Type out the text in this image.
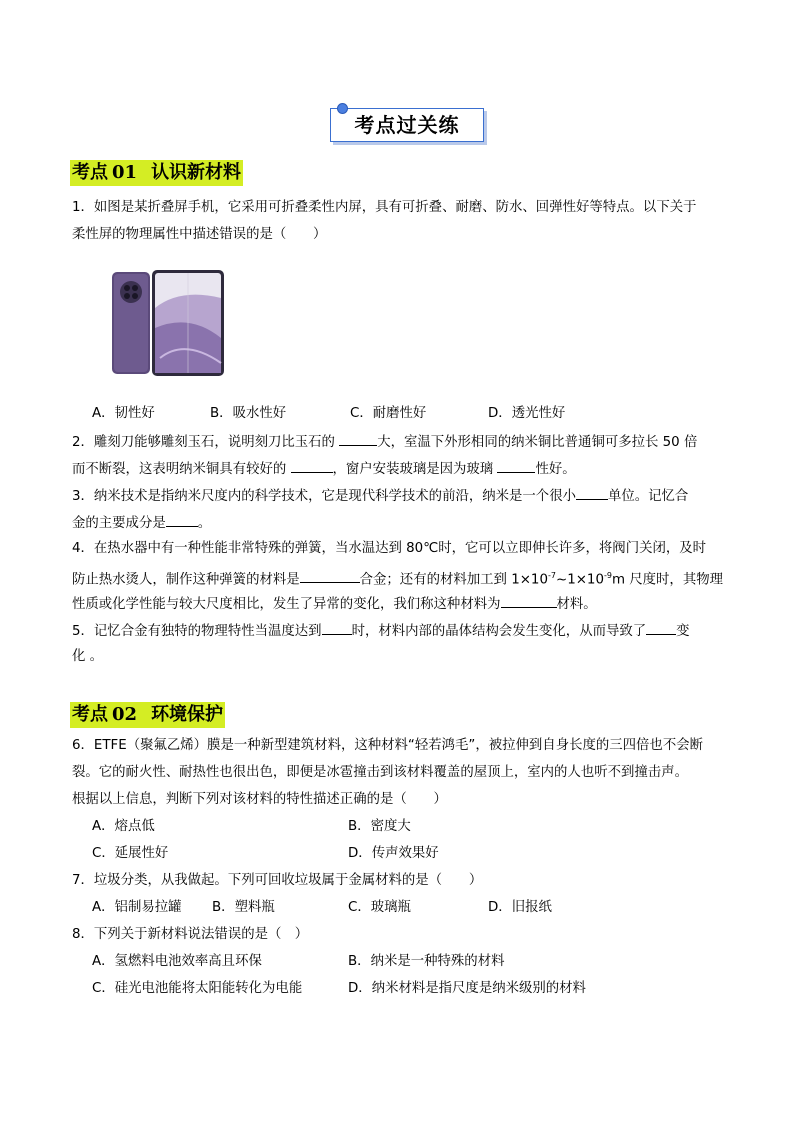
考点过关练
考点 01 认识新材料
1．如图是某折叠屏手机，它采用可折叠柔性内屏，具有可折叠、耐磨、防水、回弹性好等特点。以下关于
柔性屏的物理属性中描述错误的是（　　）
A．韧性好	B．吸水性好	C．耐磨性好	D．透光性好
2．雕刻刀能够雕刻玉石，说明刻刀比玉石的	大，室温下外形相同的纳米铜比普通铜可多拉长 50 倍
而不断裂，这表明纳米铜具有较好的	，窗户安装玻璃是因为玻璃	性好。
3．纳米技术是指纳米尺度内的科学技术，它是现代科学技术的前沿，纳米是一个很小 单位。记忆合
金的主要成分是 。
4．在热水器中有一种性能非常特殊的弹簧，当水温达到 80℃时，它可以立即伸长许多，将阀门关闭，及时
防止热水烫人，制作这种弹簧的材料是	合金；还有的材料加工到 $1\times 10^{-7}\sim 1\times 10^{-9}m$ 尺度时，其物理
性质或化学性能与较大尺度相比，发生了异常的变化，我们称这种材料为	材料。
5．记忆合金有独特的物理特性当温度达到 时，材料内部的晶体结构会发生变化，从而导致了 变
化 。
考点 02 环境保护
6．ETFE（聚氟乙烯）膜是一种新型建筑材料，这种材料“轻若鸿毛”，被拉伸到自身长度的三四倍也不会断
裂。它的耐火性、耐热性也很出色，即便是冰雹撞击到该材料覆盖的屋顶上，室内的人也听不到撞击声。
根据以上信息，判断下列对该材料的特性描述正确的是（　　）
A．熔点低	B．密度大
C．延展性好	D．传声效果好
7．垃圾分类，从我做起。下列可回收垃圾属于金属材料的是（　　）
A．铝制易拉罐 B．塑料瓶	C．玻璃瓶	D．旧报纸
8．下列关于新材料说法错误的是（　）
A．氢燃料电池效率高且环保	B．纳米是一种特殊的材料
C．硅光电池能将太阳能转化为电能	D．纳米材料是指尺度是纳米级别的材料
